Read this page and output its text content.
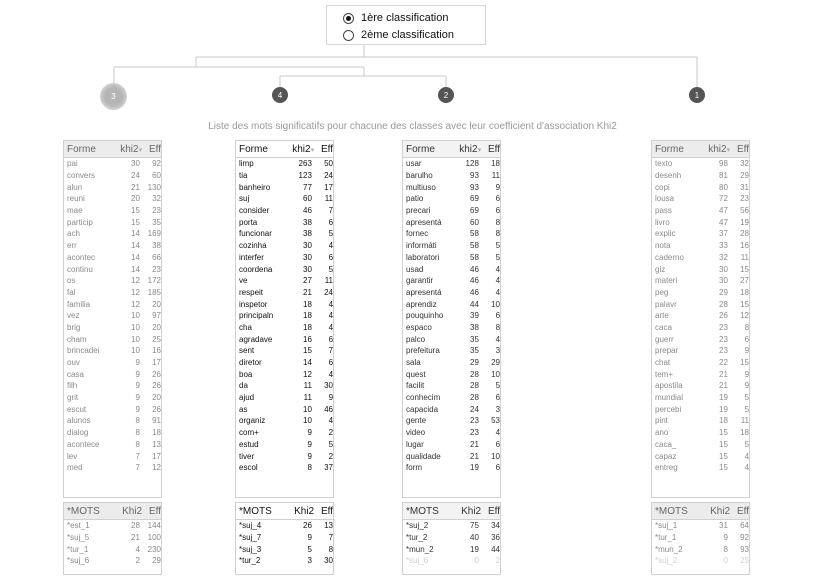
1ère classification
2ème classification
3	4	2	1
Liste des mots significatifs pour chacune des classes avec leur coefficient d'association Khi2
Forme	khi2▾ Eff
pai	30	92
convers	24	60
alun	21 130
reuni	20	32
mae	15	23
particip	15	35
ach	14 169
err	14	38
acontec	14	66
continu	14	23
os	12 172
fal	12 185
familia	12	20
vez	10	97
brig	10	20
cham	10	25
brincadei	10	16
ouv	9	17
casa	9	26
filh	9	26
grit	9	20
escut	9	26
alunos	8	91
dialog	8	18
acontece	8	13
lev	7	17
med	7	12
Forme	khi2▾ Eff
limp	263	50
tia	123	24
banheiro	77	17
suj	60	11
consider	46	7
porta	38	6
funcionar	38	5
cozinha	30	4
interfer	30	6
coordena	30	5
ve	27	11
respeit	21	24
inspetor	18	4
principaln	18	4
cha	18	4
agradave	16	6
sent	15	7
diretor	14	6
boa	12	4
da	11	30
ajud	11	9
as	10	46
organiz	10	4
com+	9	2
estud	9	5
tiver	9	2
escol	8	37
Forme	khi2▾ Eff
usar	128	18
barulho	93	11
multiuso	93	9
patio	69	6
precari	69	6
apresentá	60	8
fornec	58	8
informáti	58	5
laboratori	58	5
usad	46	4
garantir	46	4
apresentá	46	4
aprendiz	44	10
pouquinho	39	6
espaco	38	8
palco	35	4
prefeitura	35	3
sala	29	29
quest	28	10
facilit	28	5
conhecim	28	6
capacida	24	3
gente	23	53
video	23	4
lugar	21	6
qualidade	21	10
form	19	6
Forme	khi2▾ Eff
texto	98	32
desenh	81	29
copi	80	31
lousa	72	23
pass	47	56
livro	47	19
explic	37	28
nota	33	16
caderno	32	11
giz	30	15
materi	30	27
peg	29	18
palavr	28	15
arte	26	12
caca	23	8
guerr	23	6
prepar	23	9
chat	22	15
tem+	21	9
apostila	21	9
mundial	19	5
percebi	19	5
pint	18	11
ano	15	18
caca_	15	5
capaz	15	4
entreg	15	4
*MOTS	Khi2 Eff
*est_1	28 144
*suj_5	21 100
*tur_1	4 230
*suj_6	2	29
*MOTS	Khi2 Eff
*suj_4	26	13
*suj_7	9	7
*suj_3	5	8
*tur_2	3	30
*MOTS	Khi2 Eff
*suj_2	75	34
*tur_2	40	36
*mun_2	19	44
*suj_6	0	2
*MOTS	Khi2 Eff
*suj_1	31	64
*tur_1	9	92
*mun_2	8	93
*suj_2	0	25
